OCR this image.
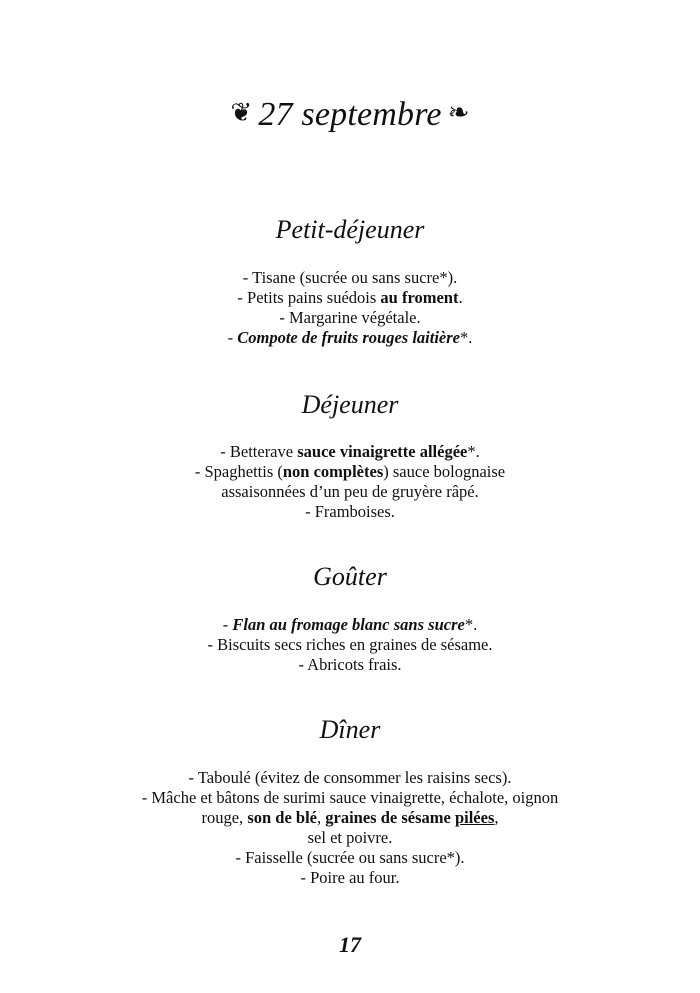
❦ 27 septembre ❧
Petit-déjeuner
- Tisane (sucrée ou sans sucre*).
- Petits pains suédois au froment.
- Margarine végétale.
- Compote de fruits rouges laitière*.
Déjeuner
- Betterave sauce vinaigrette allégée*.
- Spaghettis (non complètes) sauce bolognaise
assaisonnées d’un peu de gruyère râpé.
- Framboises.
Goûter
- Flan au fromage blanc sans sucre*.
- Biscuits secs riches en graines de sésame.
- Abricots frais.
Dîner
- Taboulé (évitez de consommer les raisins secs).
- Mâche et bâtons de surimi sauce vinaigrette, échalote, oignon
rouge, son de blé, graines de sésame pilées,
sel et poivre.
- Faisselle (sucrée ou sans sucre*).
- Poire au four.
17
